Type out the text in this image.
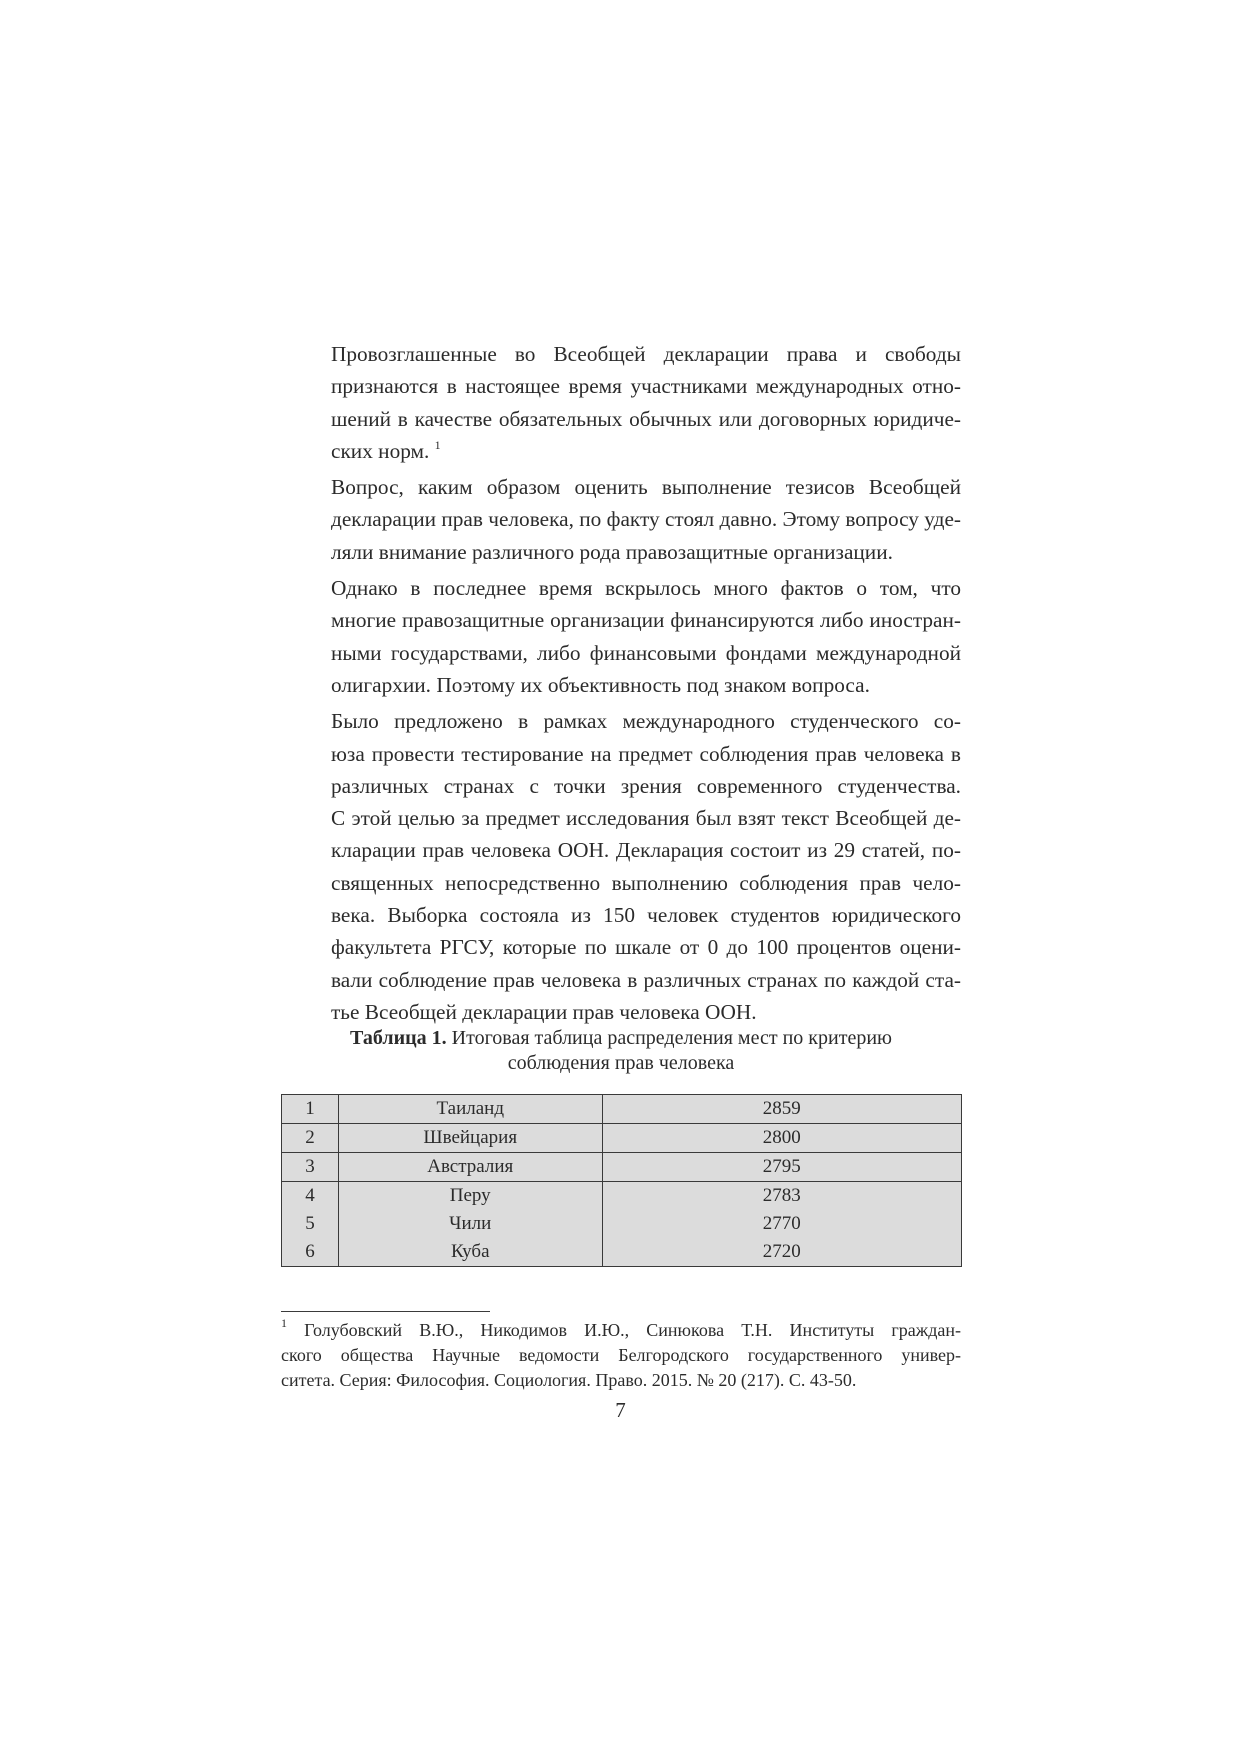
Провозглашенные во Всеобщей декларации права и свободы
признаются в настоящее время участниками международных отно-
шений в качестве обязательных обычных или договорных юридиче-
ских норм. $^1$

Вопрос, каким образом оценить выполнение тезисов Всеобщей
декларации прав человека, по факту стоял давно. Этому вопросу уде-
ляли внимание различного рода правозащитные организации.

Однако в последнее время вскрылось много фактов о том, что
многие правозащитные организации финансируются либо иностран-
ными государствами, либо финансовыми фондами международной
олигархии. Поэтому их объективность под знаком вопроса.

Было предложено в рамках международного студенческого со-
юза провести тестирование на предмет соблюдения прав человека в
различных странах с точки зрения современного студенчества.
С этой целью за предмет исследования был взят текст Всеобщей де-
кларации прав человека ООН. Декларация состоит из 29 статей, по-
священных непосредственно выполнению соблюдения прав чело-
века. Выборка состояла из 150 человек студентов юридического
факультета РГСУ, которые по шкале от 0 до 100 процентов оцени-
вали соблюдение прав человека в различных странах по каждой ста-
тье Всеобщей декларации прав человека ООН.

Таблица 1. Итоговая таблица распределения мест по критерию
соблюдения прав человека
1	Таиланд	2859
2	Швейцария	2800
3	Австралия	2795
4	Перу	2783
5	Чили	2770
6	Куба	2720
$^1$ Голубовский В.Ю., Никодимов И.Ю., Синюкова Т.Н. Институты граждан-
ского общества Научные ведомости Белгородского государственного универ-
ситета. Серия: Философия. Социология. Право. 2015. № 20 (217). С. 43-50.
7
